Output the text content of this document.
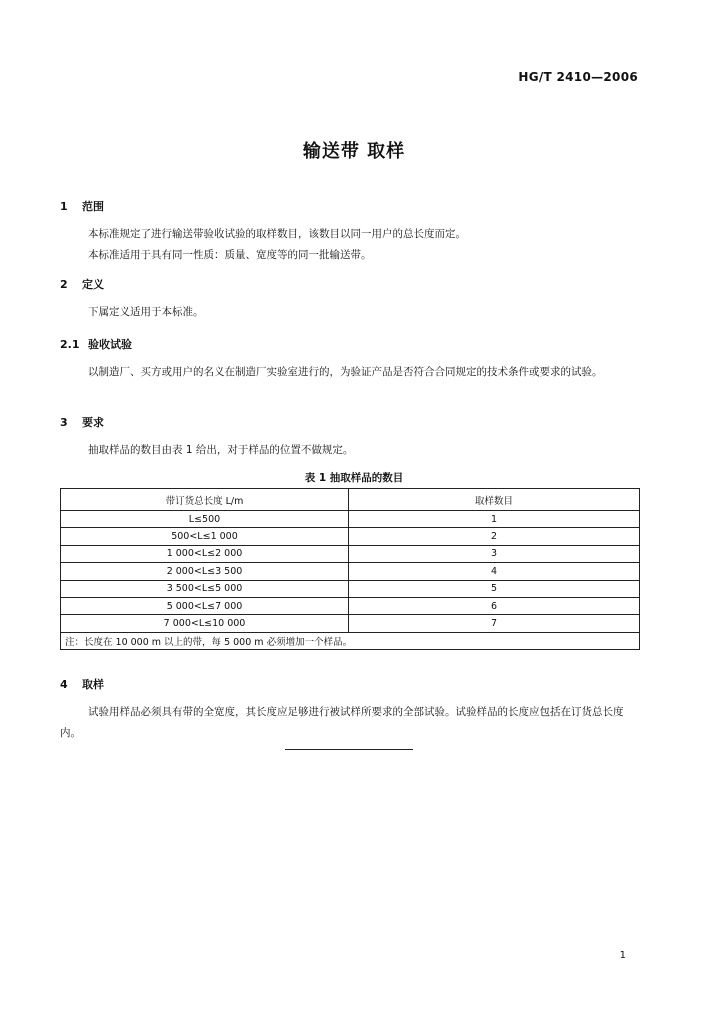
HG/T 2410—2006
输送带 取样
1 范围
本标准规定了进行输送带验收试验的取样数目，该数目以同一用户的总长度而定。
本标准适用于具有同一性质：质量、宽度等的同一批输送带。
2 定义
下属定义适用于本标准。
2.1 验收试验
以制造厂、买方或用户的名义在制造厂实验室进行的，为验证产品是否符合合同规定的技术条件或要求的试验。
3 要求
抽取样品的数目由表 1 给出，对于样品的位置不做规定。
表 1 抽取样品的数目
带订货总长度 L/m	取样数目
L≤500	1
500<L≤1 000	2
1 000<L≤2 000	3
2 000<L≤3 500	4
3 500<L≤5 000	5
5 000<L≤7 000	6
7 000<L≤10 000	7
注：长度在 10 000 m 以上的带，每 5 000 m 必须增加一个样品。	
4 取样
试验用样品必须具有带的全宽度，其长度应足够进行被试样所要求的全部试验。试验样品的长度应包括在订货总长度内。
1
